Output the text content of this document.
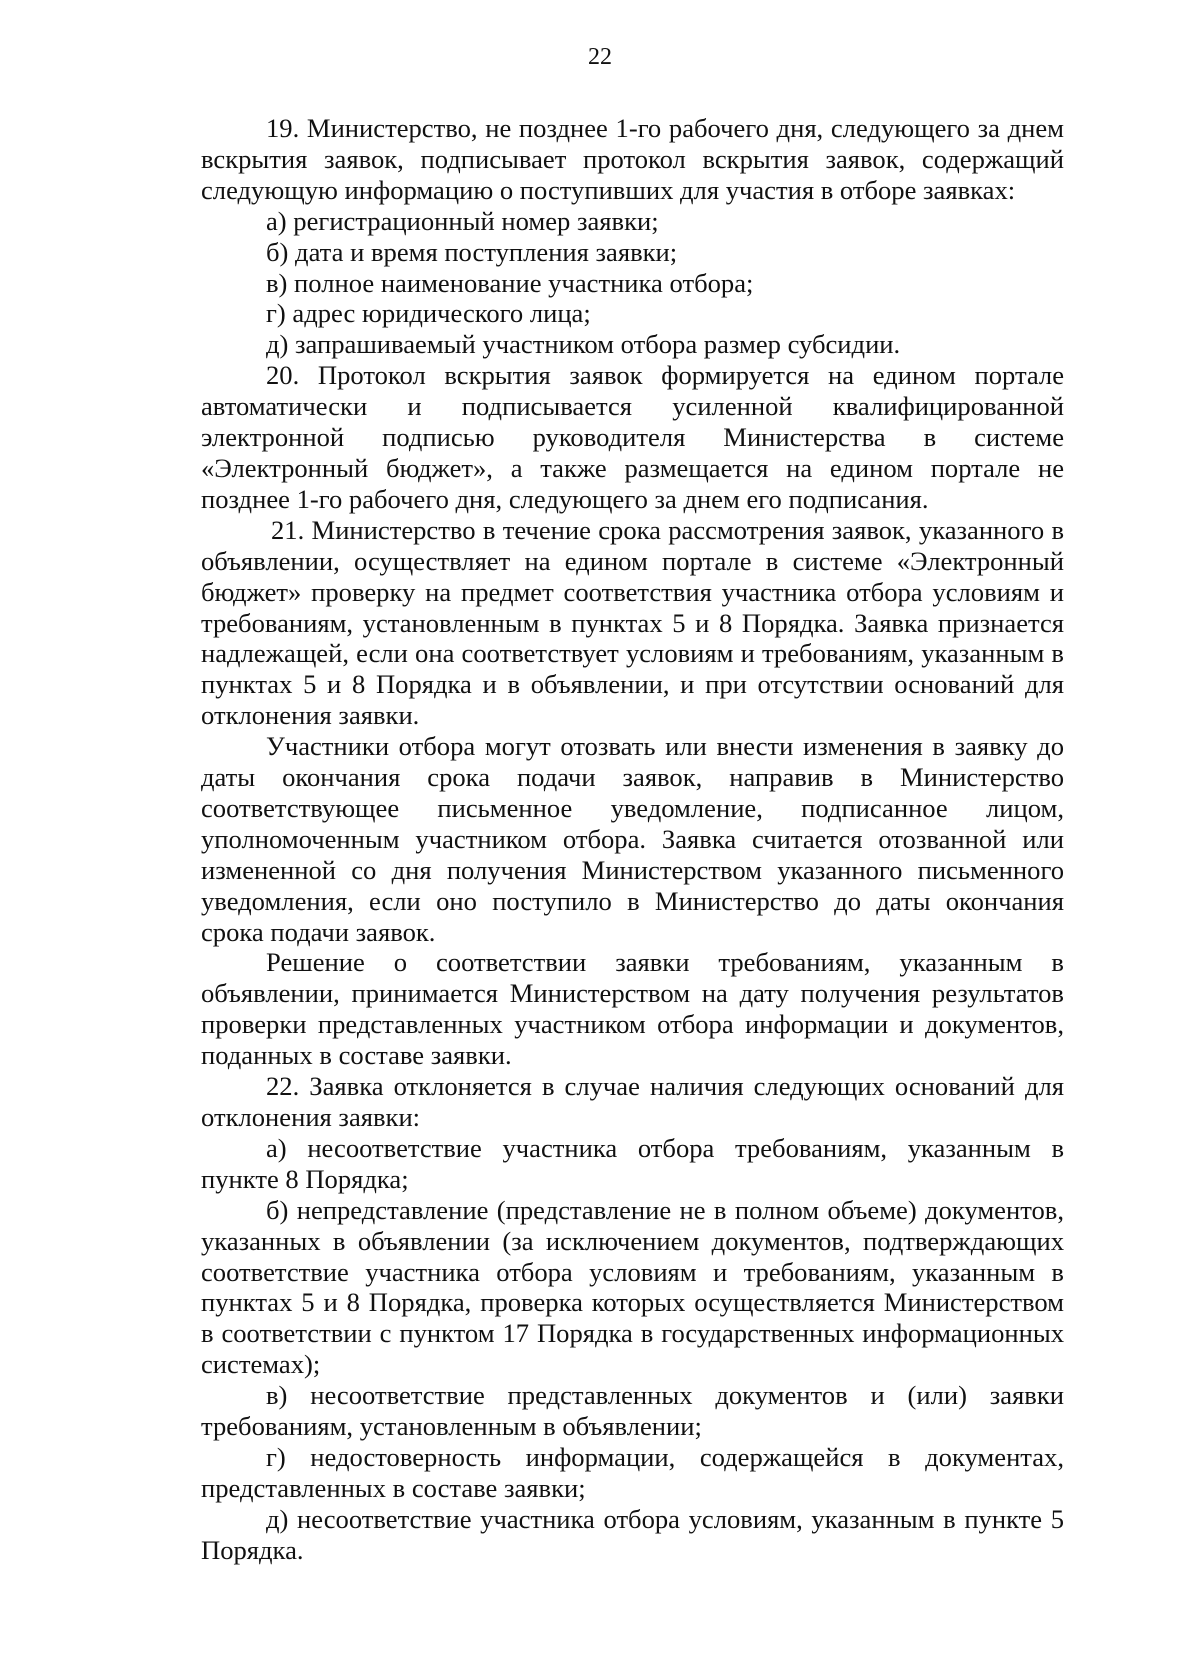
22

19. Министерство, не позднее 1-го рабочего дня, следующего за днем вскрытия заявок, подписывает протокол вскрытия заявок, содержащий следующую информацию о поступивших для участия в отборе заявках:

а) регистрационный номер заявки;

б) дата и время поступления заявки;

в) полное наименование участника отбора;

г) адрес юридического лица;

д) запрашиваемый участником отбора размер субсидии.

20. Протокол вскрытия заявок формируется на едином портале автоматически и подписывается усиленной квалифицированной электронной подписью руководителя Министерства в системе «Электронный бюджет», а также размещается на едином портале не позднее 1-го рабочего дня, следующего за днем его подписания.

21. Министерство в течение срока рассмотрения заявок, указанного в объявлении, осуществляет на едином портале в системе «Электронный бюджет» проверку на предмет соответствия участника отбора условиям и требованиям, установленным в пунктах 5 и 8 Порядка. Заявка признается надлежащей, если она соответствует условиям и требованиям, указанным в пунктах 5 и 8 Порядка и в объявлении, и при отсутствии оснований для отклонения заявки.

Участники отбора могут отозвать или внести изменения в заявку до даты окончания срока подачи заявок, направив в Министерство соответствующее письменное уведомление, подписанное лицом, уполномоченным участником отбора. Заявка считается отозванной или измененной со дня получения Министерством указанного письменного уведомления, если оно поступило в Министерство до даты окончания срока подачи заявок.

Решение о соответствии заявки требованиям, указанным в объявлении, принимается Министерством на дату получения результатов проверки представленных участником отбора информации и документов, поданных в составе заявки.

22. Заявка отклоняется в случае наличия следующих оснований для отклонения заявки:

а) несоответствие участника отбора требованиям, указанным в пункте 8 Порядка;

б) непредставление (представление не в полном объеме) документов, указанных в объявлении (за исключением документов, подтверждающих соответствие участника отбора условиям и требованиям, указанным в пунктах 5 и 8 Порядка, проверка которых осуществляется Министерством в соответствии с пунктом 17 Порядка в государственных информационных системах);

в) несоответствие представленных документов и (или) заявки требованиям, установленным в объявлении;

г) недостоверность информации, содержащейся в документах, представленных в составе заявки;

д) несоответствие участника отбора условиям, указанным в пункте 5 Порядка.
